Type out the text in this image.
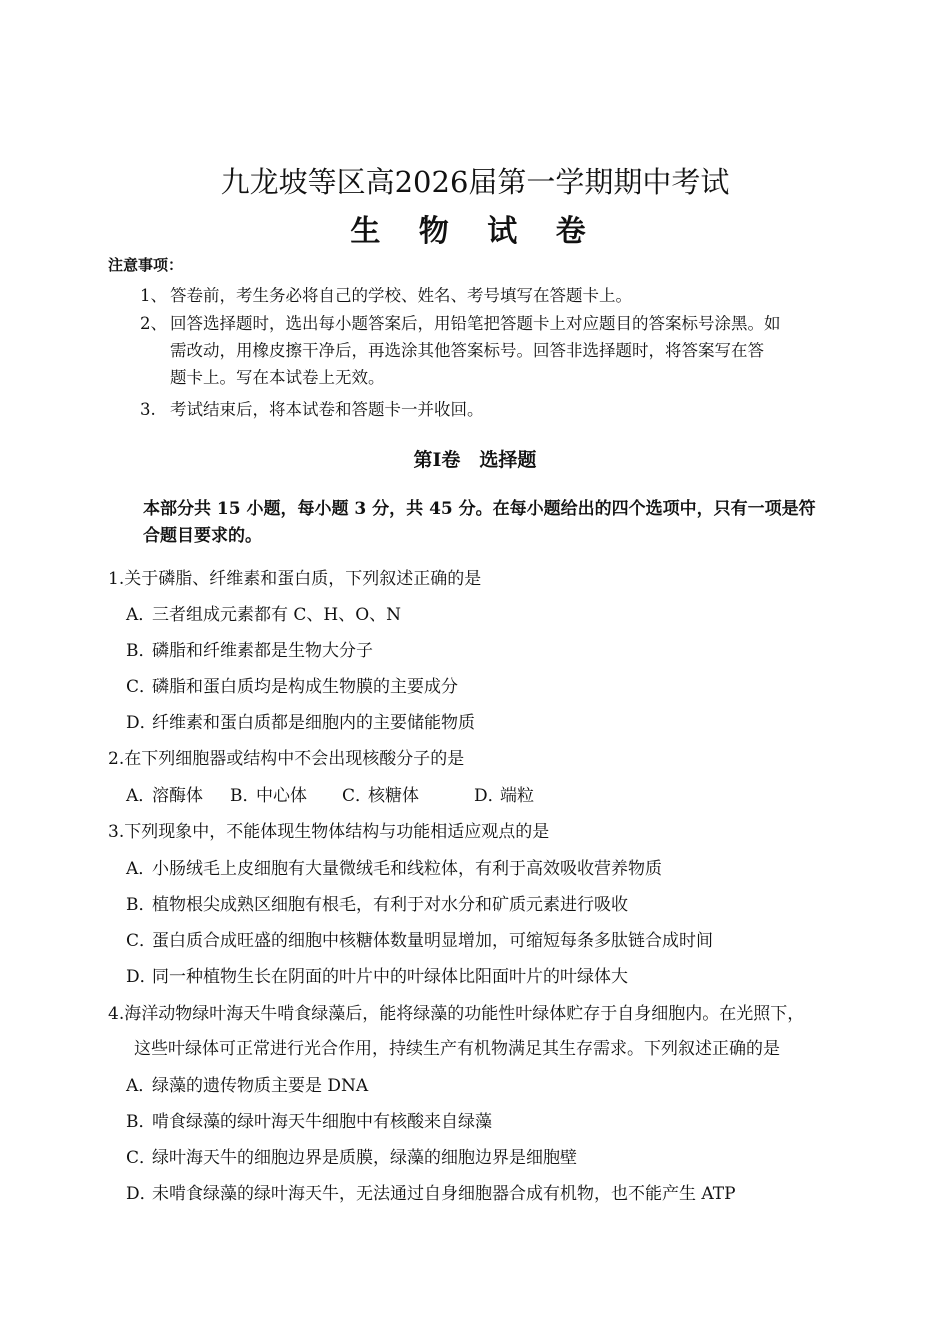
九龙坡等区高2026届第一学期期中考试
生 物 试 卷
注意事项：
1、 答卷前，考生务必将自己的学校、姓名、考号填写在答题卡上。
2、 回答选择题时，选出每小题答案后，用铅笔把答题卡上对应题目的答案标号涂黑。如
需改动，用橡皮擦干净后，再选涂其他答案标号。回答非选择题时，将答案写在答
题卡上。写在本试卷上无效。
3. 考试结束后，将本试卷和答题卡一并收回。
第Ⅰ卷　选择题
本部分共 15 小题，每小题 3 分，共 45 分。在每小题给出的四个选项中，只有一项是符
合题目要求的。
1.关于磷脂、纤维素和蛋白质，下列叙述正确的是
A．三者组成元素都有 C、H、O、N
B．磷脂和纤维素都是生物大分子
C．磷脂和蛋白质均是构成生物膜的主要成分
D．纤维素和蛋白质都是细胞内的主要储能物质
2.在下列细胞器或结构中不会出现核酸分子的是
A．溶酶体 B．中心体 C．核糖体	D．端粒
3.下列现象中，不能体现生物体结构与功能相适应观点的是
A．小肠绒毛上皮细胞有大量微绒毛和线粒体，有利于高效吸收营养物质
B．植物根尖成熟区细胞有根毛，有利于对水分和矿质元素进行吸收
C．蛋白质合成旺盛的细胞中核糖体数量明显增加，可缩短每条多肽链合成时间
D．同一种植物生长在阴面的叶片中的叶绿体比阳面叶片的叶绿体大
4.海洋动物绿叶海天牛啃食绿藻后，能将绿藻的功能性叶绿体贮存于自身细胞内。在光照下，
这些叶绿体可正常进行光合作用，持续生产有机物满足其生存需求。下列叙述正确的是
A．绿藻的遗传物质主要是 DNA
B．啃食绿藻的绿叶海天牛细胞中有核酸来自绿藻
C．绿叶海天牛的细胞边界是质膜，绿藻的细胞边界是细胞壁
D．未啃食绿藻的绿叶海天牛，无法通过自身细胞器合成有机物，也不能产生 ATP
